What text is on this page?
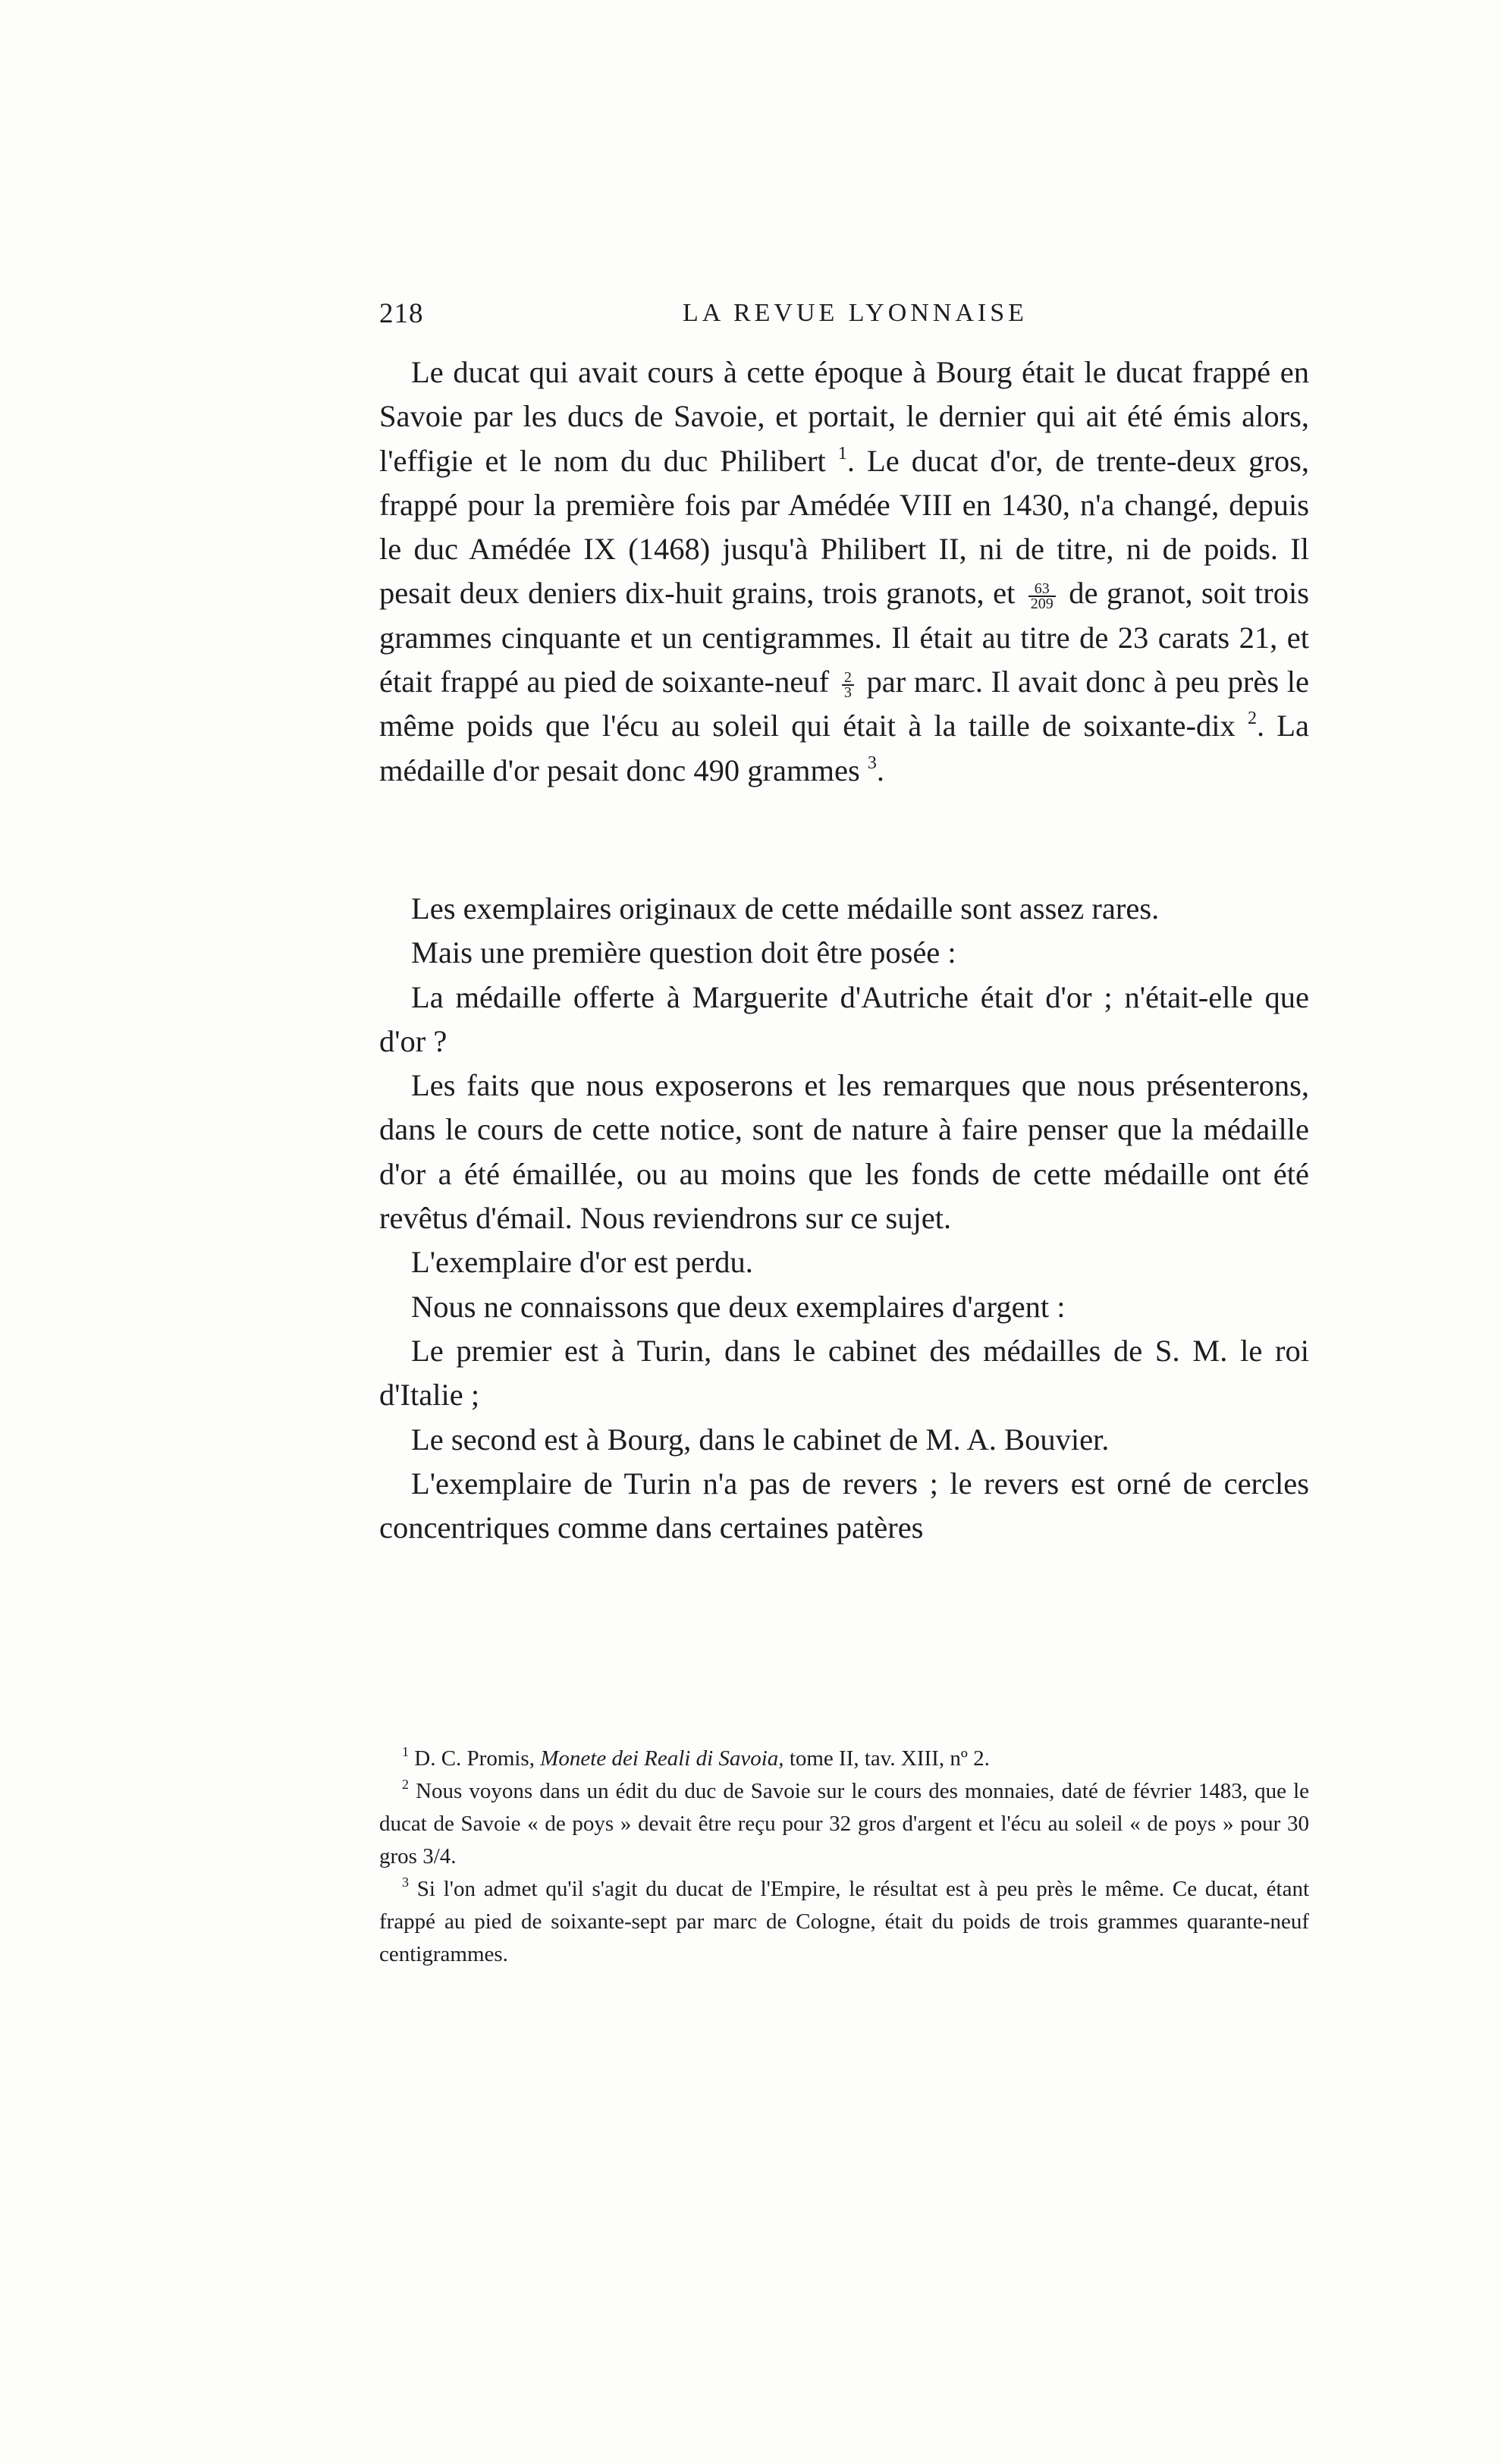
218	LA REVUE LYONNAISE

Le ducat qui avait cours à cette époque à Bourg était le ducat frappé en Savoie par les ducs de Savoie, et portait, le dernier qui ait été émis alors, l'effigie et le nom du duc Philibert $^1$. Le ducat d'or, de trente-deux gros, frappé pour la première fois par Amédée VIII en 1430, n'a changé, depuis le duc Amédée IX (1468) jusqu'à Philibert II, ni de titre, ni de poids. Il pesait deux deniers dix-huit grains, trois granots, et $\frac{63}{209}$ de granot, soit trois grammes cinquante et un centigrammes. Il était au titre de 23 carats 21, et était frappé au pied de soixante-neuf $\frac{2}{3}$ par marc. Il avait donc à peu près le même poids que l'écu au soleil qui était à la taille de soixante-dix $^2$. La médaille d'or pesait donc 490 grammes $^3$.

Les exemplaires originaux de cette médaille sont assez rares.

Mais une première question doit être posée :

La médaille offerte à Marguerite d'Autriche était d'or ; n'était-elle que d'or ?

Les faits que nous exposerons et les remarques que nous présenterons, dans le cours de cette notice, sont de nature à faire penser que la médaille d'or a été émaillée, ou au moins que les fonds de cette médaille ont été revêtus d'émail. Nous reviendrons sur ce sujet.

L'exemplaire d'or est perdu.

Nous ne connaissons que deux exemplaires d'argent :

Le premier est à Turin, dans le cabinet des médailles de S. M. le roi d'Italie ;

Le second est à Bourg, dans le cabinet de M. A. Bouvier.

L'exemplaire de Turin n'a pas de revers ; le revers est orné de cercles concentriques comme dans certaines patères

$^1$ D. C. Promis, Monete dei Reali di Savoia, tome II, tav. XIII, nº 2.

$^2$ Nous voyons dans un édit du duc de Savoie sur le cours des monnaies, daté de février 1483, que le ducat de Savoie « de poys » devait être reçu pour 32 gros d'argent et l'écu au soleil « de poys » pour 30 gros 3/4.

$^3$ Si l'on admet qu'il s'agit du ducat de l'Empire, le résultat est à peu près le même. Ce ducat, étant frappé au pied de soixante-sept par marc de Cologne, était du poids de trois grammes quarante-neuf centigrammes.
